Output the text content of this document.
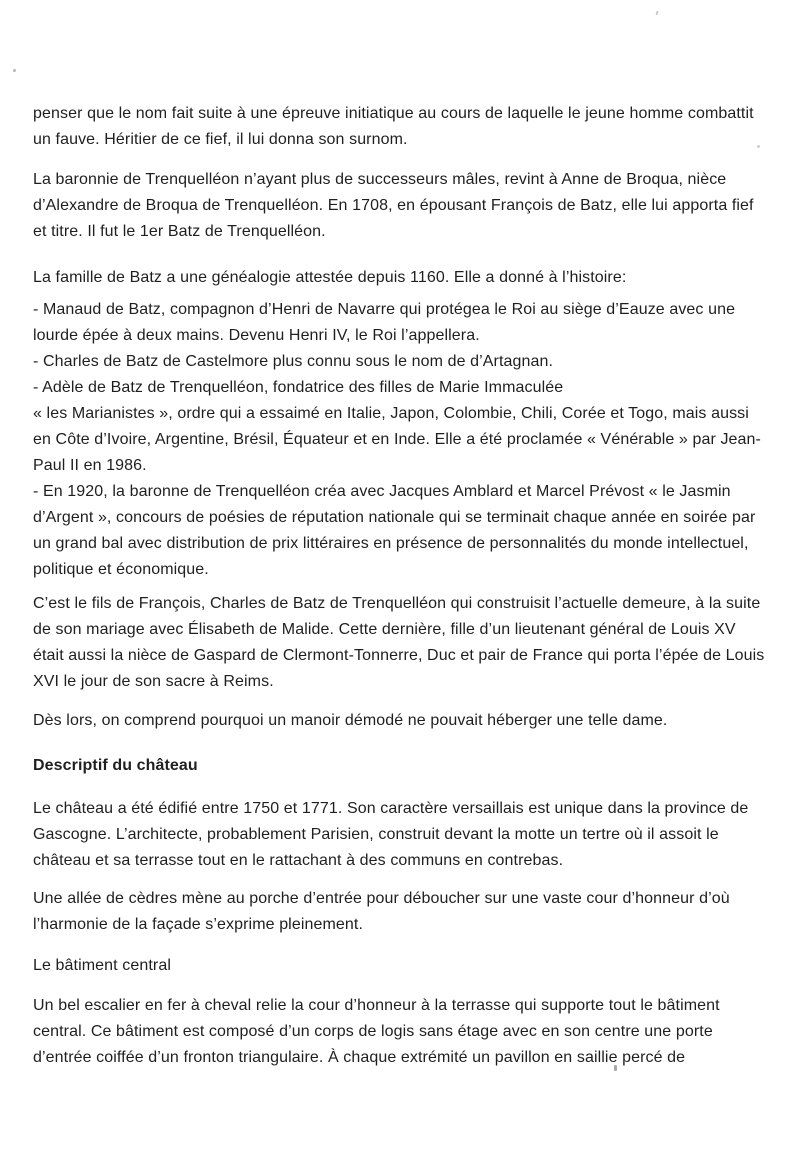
penser que le nom fait suite à une épreuve initiatique au cours de laquelle le jeune homme combattit un fauve. Héritier de ce fief, il lui donna son surnom.

La baronnie de Trenquelléon n’ayant plus de successeurs mâles, revint à Anne de Broqua, nièce d’Alexandre de Broqua de Trenquelléon. En 1708, en épousant François de Batz, elle lui apporta fief et titre. Il fut le 1er Batz de Trenquelléon.

La famille de Batz a une généalogie attestée depuis 1160. Elle a donné à l’histoire:

- Manaud de Batz, compagnon d’Henri de Navarre qui protégea le Roi au siège d’Eauze avec une lourde épée à deux mains. Devenu Henri IV, le Roi l’appellera.

- Charles de Batz de Castelmore plus connu sous le nom de d’Artagnan.

- Adèle de Batz de Trenquelléon, fondatrice des filles de Marie Immaculée

« les Marianistes », ordre qui a essaimé en Italie, Japon, Colombie, Chili, Corée et Togo, mais aussi en Côte d’Ivoire, Argentine, Brésil, Équateur et en Inde. Elle a été proclamée « Vénérable » par Jean-Paul II en 1986.

- En 1920, la baronne de Trenquelléon créa avec Jacques Amblard et Marcel Prévost « le Jasmin d’Argent », concours de poésies de réputation nationale qui se terminait chaque année en soirée par un grand bal avec distribution de prix littéraires en présence de personnalités du monde intellectuel, politique et économique.

C’est le fils de François, Charles de Batz de Trenquelléon qui construisit l’actuelle demeure, à la suite de son mariage avec Élisabeth de Malide. Cette dernière, fille d’un lieutenant général de Louis XV était aussi la nièce de Gaspard de Clermont-Tonnerre, Duc et pair de France qui porta l’épée de Louis XVI le jour de son sacre à Reims.

Dès lors, on comprend pourquoi un manoir démodé ne pouvait héberger une telle dame.

Descriptif du château

Le château a été édifié entre 1750 et 1771. Son caractère versaillais est unique dans la province de Gascogne. L’architecte, probablement Parisien, construit devant la motte un tertre où il assoit le château et sa terrasse tout en le rattachant à des communs en contrebas.

Une allée de cèdres mène au porche d’entrée pour déboucher sur une vaste cour d’honneur d’où l’harmonie de la façade s’exprime pleinement.

Le bâtiment central

Un bel escalier en fer à cheval relie la cour d’honneur à la terrasse qui supporte tout le bâtiment central. Ce bâtiment est composé d’un corps de logis sans étage avec en son centre une porte d’entrée coiffée d’un fronton triangulaire. À chaque extrémité un pavillon en saillie percé de
